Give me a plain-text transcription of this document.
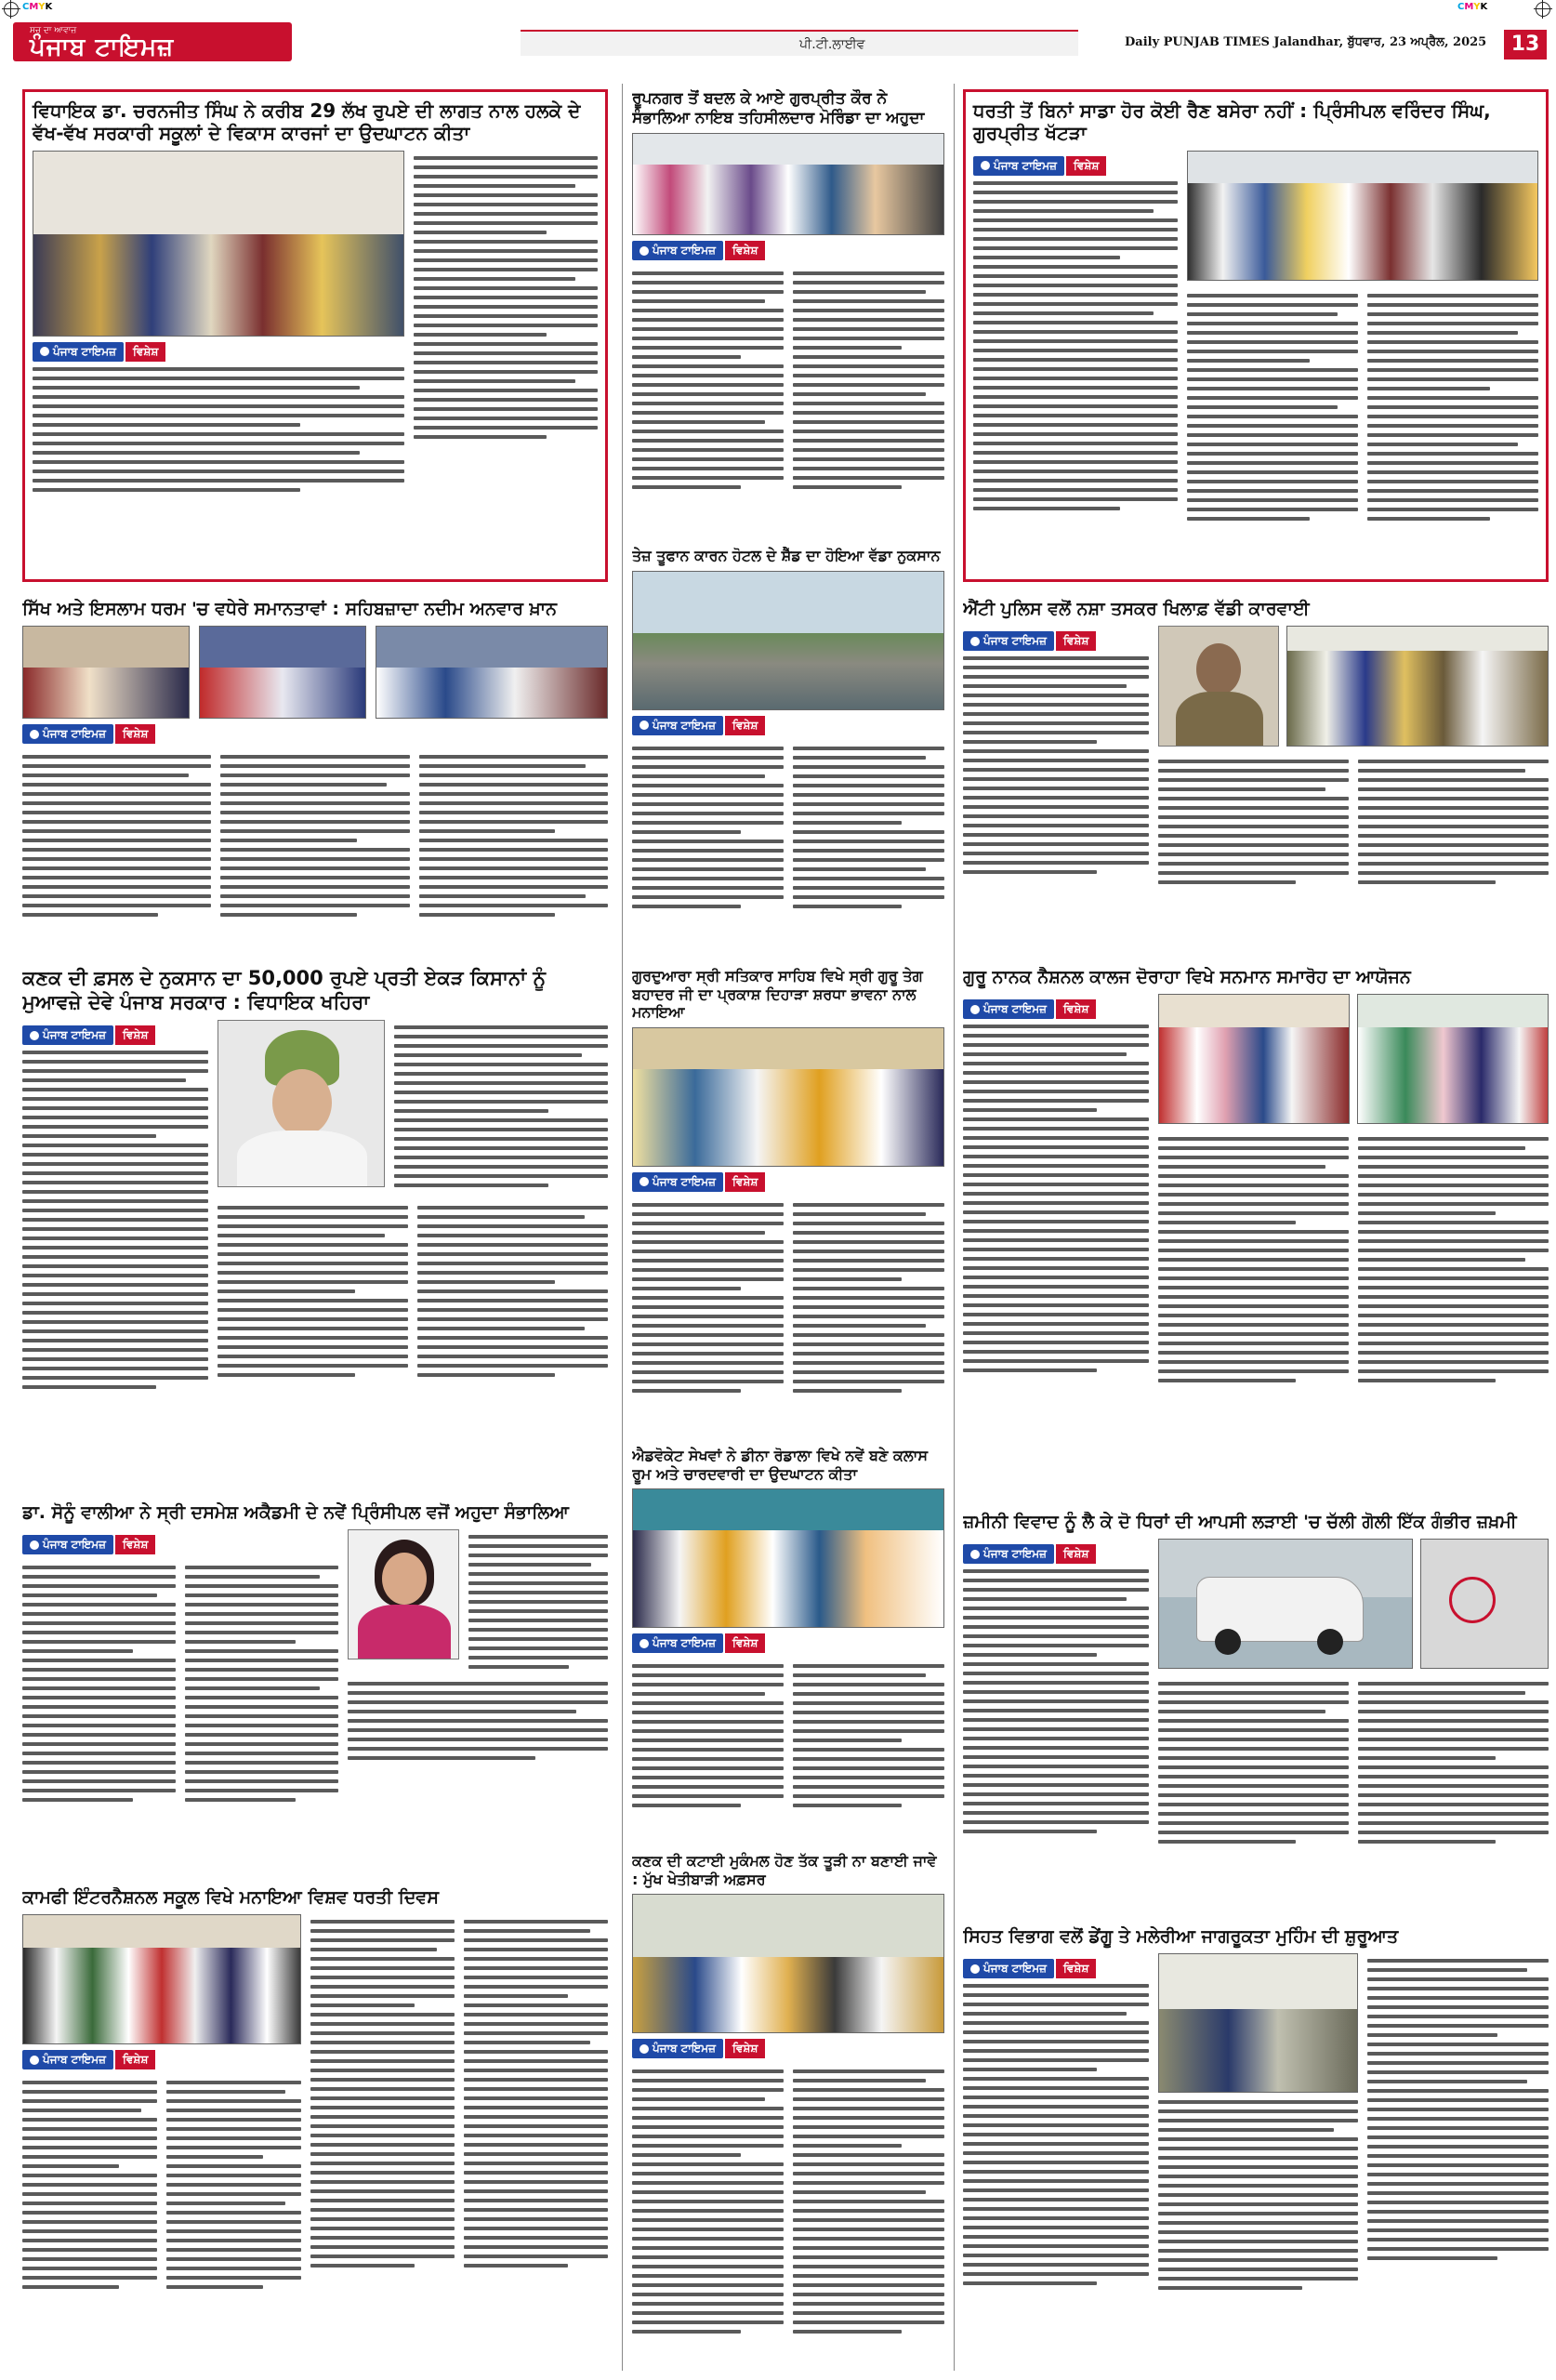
CMYK	CMYK
ਸਚ ਦਾ ਆਵਾਜ਼
ਪੰਜਾਬ ਟਾਇਮਜ਼	ਪੀ.ਟੀ.ਲਾਈਵ	Daily PUNJAB TIMES Jalandhar, ਬੁੱਧਵਾਰ, 23 ਅਪ੍ਰੈਲ, 2025	13
ਵਿਧਾਇਕ ਡਾ. ਚਰਨਜੀਤ ਸਿੰਘ ਨੇ ਕਰੀਬ 29 ਲੱਖ ਰੁਪਏ ਦੀ ਲਾਗਤ ਨਾਲ ਹਲਕੇ ਦੇ ਵੱਖ-ਵੱਖ ਸਰਕਾਰੀ ਸਕੂਲਾਂ ਦੇ ਵਿਕਾਸ ਕਾਰਜਾਂ ਦਾ ਉਦਘਾਟਨ ਕੀਤਾ
ਪੰਜਾਬ ਟਾਇਮਜ਼	ਵਿਸ਼ੇਸ਼
ਰੂਪਨਗਰ ਤੋਂ ਬਦਲ ਕੇ ਆਏ ਗੁਰਪ੍ਰੀਤ ਕੌਰ ਨੇ ਸੰਭਾਲਿਆ ਨਾਇਬ ਤਹਿਸੀਲਦਾਰ ਮੋਰਿੰਡਾ ਦਾ ਅਹੁਦਾ
ਪੰਜਾਬ ਟਾਇਮਜ਼	ਵਿਸ਼ੇਸ਼
ਧਰਤੀ ਤੋਂ ਬਿਨਾਂ ਸਾਡਾ ਹੋਰ ਕੋਈ ਰੈਣ ਬਸੇਰਾ ਨਹੀਂ : ਪ੍ਰਿੰਸੀਪਲ ਵਰਿੰਦਰ ਸਿੰਘ, ਗੁਰਪ੍ਰੀਤ ਖੱਟੜਾ
ਪੰਜਾਬ ਟਾਇਮਜ਼	ਵਿਸ਼ੇਸ਼
ਤੇਜ਼ ਤੂਫਾਨ ਕਾਰਨ ਹੋਟਲ ਦੇ ਸ਼ੈੱਡ ਦਾ ਹੋਇਆ ਵੱਡਾ ਨੁਕਸਾਨ
ਪੰਜਾਬ ਟਾਇਮਜ਼	ਵਿਸ਼ੇਸ਼
ਸਿੱਖ ਅਤੇ ਇਸਲਾਮ ਧਰਮ 'ਚ ਵਧੇਰੇ ਸਮਾਨਤਾਵਾਂ : ਸਹਿਬਜ਼ਾਦਾ ਨਦੀਮ ਅਨਵਾਰ ਖ਼ਾਨ
ਪੰਜਾਬ ਟਾਇਮਜ਼	ਵਿਸ਼ੇਸ਼
ਐਂਟੀ ਪੁਲਿਸ ਵਲੋਂ ਨਸ਼ਾ ਤਸਕਰ ਖਿਲਾਫ਼ ਵੱਡੀ ਕਾਰਵਾਈ
ਪੰਜਾਬ ਟਾਇਮਜ਼	ਵਿਸ਼ੇਸ਼
ਗੁਰਦੁਆਰਾ ਸ੍ਰੀ ਸਤਿਕਾਰ ਸਾਹਿਬ ਵਿਖੇ ਸ੍ਰੀ ਗੁਰੂ ਤੇਗ ਬਹਾਦਰ ਜੀ ਦਾ ਪ੍ਰਕਾਸ਼ ਦਿਹਾੜਾ ਸ਼ਰਧਾ ਭਾਵਨਾ ਨਾਲ ਮਨਾਇਆ
ਪੰਜਾਬ ਟਾਇਮਜ਼	ਵਿਸ਼ੇਸ਼
ਗੁਰੂ ਨਾਨਕ ਨੈਸ਼ਨਲ ਕਾਲਜ ਦੋਰਾਹਾ ਵਿਖੇ ਸਨਮਾਨ ਸਮਾਰੋਹ ਦਾ ਆਯੋਜਨ
ਪੰਜਾਬ ਟਾਇਮਜ਼	ਵਿਸ਼ੇਸ਼
ਕਣਕ ਦੀ ਫ਼ਸਲ ਦੇ ਨੁਕਸਾਨ ਦਾ 50,000 ਰੁਪਏ ਪ੍ਰਤੀ ਏਕੜ ਕਿਸਾਨਾਂ ਨੂੰ ਮੁਆਵਜ਼ੇ ਦੇਵੇ ਪੰਜਾਬ ਸਰਕਾਰ : ਵਿਧਾਇਕ ਖਹਿਰਾ
ਪੰਜਾਬ ਟਾਇਮਜ਼	ਵਿਸ਼ੇਸ਼
ਐਡਵੋਕੇਟ ਸੇਖਵਾਂ ਨੇ ਡੀਨਾ ਰੋਡਾਲਾ ਵਿਖੇ ਨਵੇਂ ਬਣੇ ਕਲਾਸ ਰੂਮ ਅਤੇ ਚਾਰਦਵਾਰੀ ਦਾ ਉਦਘਾਟਨ ਕੀਤਾ
ਪੰਜਾਬ ਟਾਇਮਜ਼	ਵਿਸ਼ੇਸ਼
ਡਾ. ਸੋਨੂੰ ਵਾਲੀਆ ਨੇ ਸ੍ਰੀ ਦਸਮੇਸ਼ ਅਕੈਡਮੀ ਦੇ ਨਵੇਂ ਪ੍ਰਿੰਸੀਪਲ ਵਜੋਂ ਅਹੁਦਾ ਸੰਭਾਲਿਆ
ਪੰਜਾਬ ਟਾਇਮਜ਼	ਵਿਸ਼ੇਸ਼
ਜ਼ਮੀਨੀ ਵਿਵਾਦ ਨੂੰ ਲੈ ਕੇ ਦੋ ਧਿਰਾਂ ਦੀ ਆਪਸੀ ਲੜਾਈ 'ਚ ਚੱਲੀ ਗੋਲੀ ਇੱਕ ਗੰਭੀਰ ਜ਼ਖ਼ਮੀ
ਪੰਜਾਬ ਟਾਇਮਜ਼	ਵਿਸ਼ੇਸ਼
ਕਣਕ ਦੀ ਕਟਾਈ ਮੁਕੰਮਲ ਹੋਣ ਤੱਕ ਤੂੜੀ ਨਾ ਬਣਾਈ ਜਾਵੇ : ਮੁੱਖ ਖੇਤੀਬਾੜੀ ਅਫ਼ਸਰ
ਪੰਜਾਬ ਟਾਇਮਜ਼	ਵਿਸ਼ੇਸ਼
ਕਾਮਫੀ ਇੰਟਰਨੈਸ਼ਨਲ ਸਕੂਲ ਵਿਖੇ ਮਨਾਇਆ ਵਿਸ਼ਵ ਧਰਤੀ ਦਿਵਸ
ਪੰਜਾਬ ਟਾਇਮਜ਼	ਵਿਸ਼ੇਸ਼
ਸਿਹਤ ਵਿਭਾਗ ਵਲੋਂ ਡੇਂਗੂ ਤੇ ਮਲੇਰੀਆ ਜਾਗਰੂਕਤਾ ਮੁਹਿੰਮ ਦੀ ਸ਼ੁਰੂਆਤ
ਪੰਜਾਬ ਟਾਇਮਜ਼	ਵਿਸ਼ੇਸ਼
